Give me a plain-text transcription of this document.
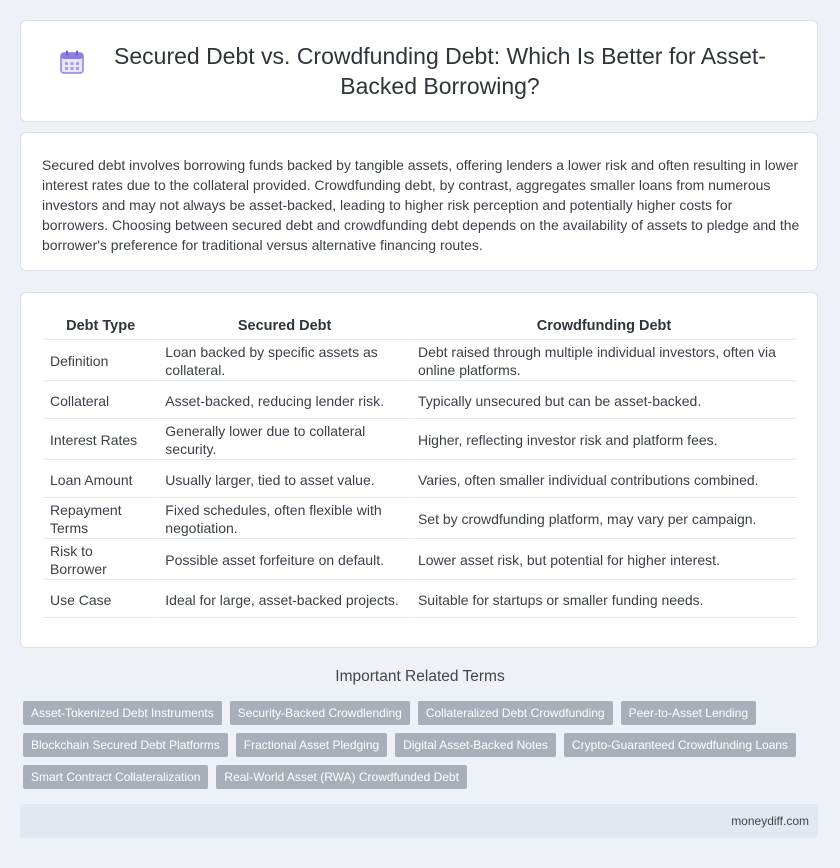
Secured Debt vs. Crowdfunding Debt: Which Is Better for Asset-Backed Borrowing?

Secured debt involves borrowing funds backed by tangible assets, offering lenders a lower risk and often resulting in lower interest rates due to the collateral provided. Crowdfunding debt, by contrast, aggregates smaller loans from numerous investors and may not always be asset-backed, leading to higher risk perception and potentially higher costs for borrowers. Choosing between secured debt and crowdfunding debt depends on the availability of assets to pledge and the borrower's preference for traditional versus alternative financing routes.

Debt Type	Secured Debt	Crowdfunding Debt
Definition	Loan backed by specific assets as collateral.	Debt raised through multiple individual investors, often via online platforms.
Collateral	Asset-backed, reducing lender risk.	Typically unsecured but can be asset-backed.
Interest Rates	Generally lower due to collateral security.	Higher, reflecting investor risk and platform fees.
Loan Amount	Usually larger, tied to asset value.	Varies, often smaller individual contributions combined.
Repayment Terms	Fixed schedules, often flexible with negotiation.	Set by crowdfunding platform, may vary per campaign.
Risk to Borrower	Possible asset forfeiture on default.	Lower asset risk, but potential for higher interest.
Use Case	Ideal for large, asset-backed projects.	Suitable for startups or smaller funding needs.
Important Related Terms
Asset-Tokenized Debt Instruments	Security-Backed Crowdlending	Collateralized Debt Crowdfunding	Peer-to-Asset Lending
Blockchain Secured Debt Platforms	Fractional Asset Pledging	Digital Asset-Backed Notes	Crypto-Guaranteed Crowdfunding Loans
Smart Contract Collateralization	Real-World Asset (RWA) Crowdfunded Debt
moneydiff.com
